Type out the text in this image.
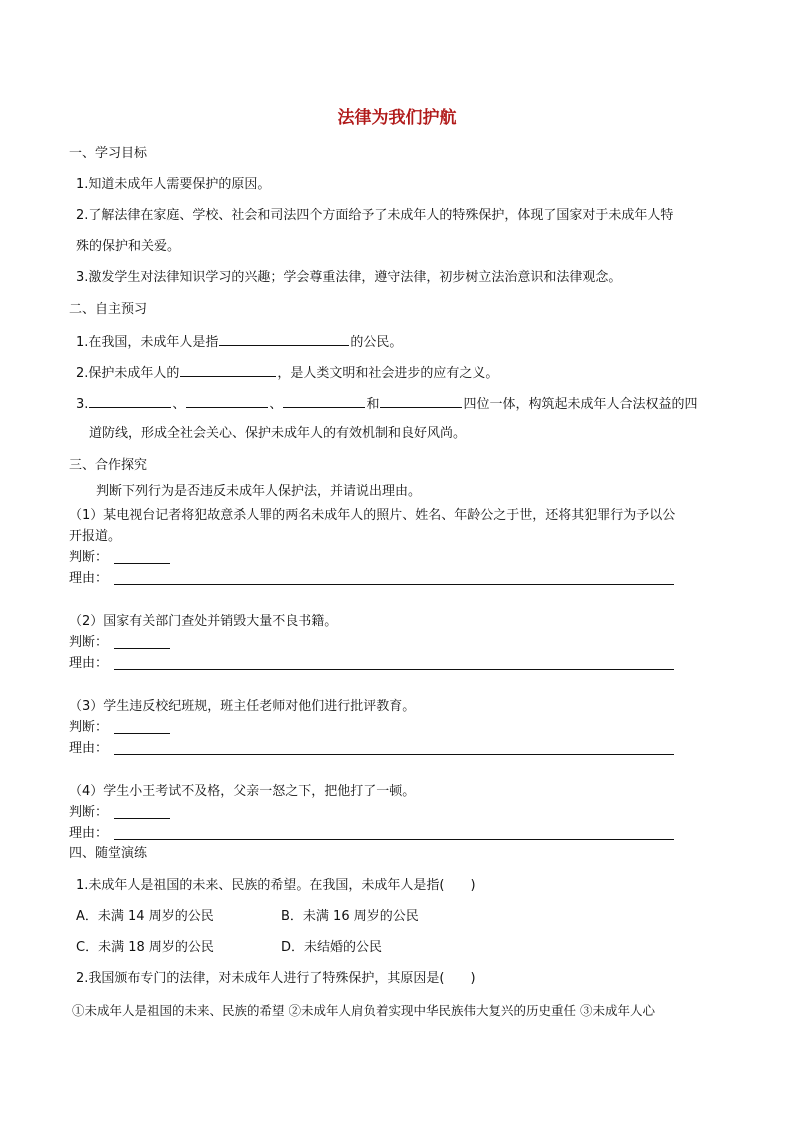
法律为我们护航
一、学习目标
1.知道未成年人需要保护的原因。
2.了解法律在家庭、学校、社会和司法四个方面给予了未成年人的特殊保护，体现了国家对于未成年人特
殊的保护和关爱。
3.激发学生对法律知识学习的兴趣；学会尊重法律，遵守法律，初步树立法治意识和法律观念。
二、自主预习
1.在我国，未成年人是指	的公民。
2.保护未成年人的	，是人类文明和社会进步的应有之义。
3.	、	、	和	四位一体，构筑起未成年人合法权益的四
道防线，形成全社会关心、保护未成年人的有效机制和良好风尚。
三、合作探究
判断下列行为是否违反未成年人保护法，并请说出理由。
（1）某电视台记者将犯故意杀人罪的两名未成年人的照片、姓名、年龄公之于世，还将其犯罪行为予以公
开报道。
判断：
理由：
（2）国家有关部门查处并销毁大量不良书籍。
判断：
理由：
（3）学生违反校纪班规，班主任老师对他们进行批评教育。
判断：
理由：
（4）学生小王考试不及格，父亲一怒之下，把他打了一顿。
判断：
理由：
四、随堂演练
1.未成年人是祖国的未来、民族的希望。在我国，未成年人是指(　　)
A．未满 14 周岁的公民	B．未满 16 周岁的公民
C．未满 18 周岁的公民	D．未结婚的公民
2.我国颁布专门的法律，对未成年人进行了特殊保护，其原因是(　　)
①未成年人是祖国的未来、民族的希望 ②未成年人肩负着实现中华民族伟大复兴的历史重任 ③未成年人心
